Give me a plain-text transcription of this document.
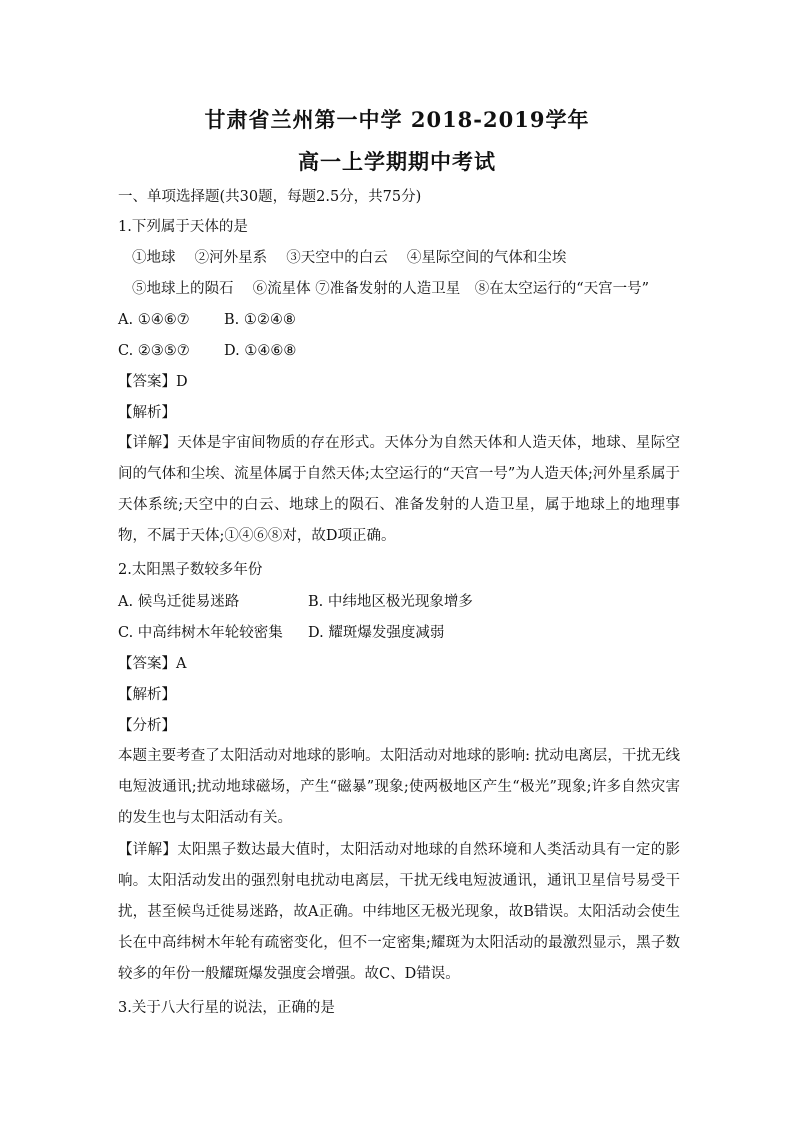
甘肃省兰州第一中学 2018-2019学年
高一上学期期中考试
一、单项选择题(共30题，每题2.5分，共75分)
1.下列属于天体的是
①地球　 ②河外星系　 ③天空中的白云　 ④星际空间的气体和尘埃
⑤地球上的陨石　 ⑥流星体 ⑦准备发射的人造卫星　⑧在太空运行的“天宫一号”
A. ①④⑥⑦ B. ①②④⑧
C. ②③⑤⑦ D. ①④⑥⑧
【答案】D
【解析】
【详解】天体是宇宙间物质的存在形式。天体分为自然天体和人造天体，地球、星际空间的气体和尘埃、流星体属于自然天体;太空运行的“天宫一号”为人造天体;河外星系属于天体系统;天空中的白云、地球上的陨石、准备发射的人造卫星，属于地球上的地理事物，不属于天体;①④⑥⑧对，故D项正确。
2.太阳黑子数较多年份
A. 候鸟迁徙易迷路	B. 中纬地区极光现象增多
C. 中高纬树木年轮较密集 D. 耀斑爆发强度减弱
【答案】A
【解析】
【分析】
本题主要考查了太阳活动对地球的影响。太阳活动对地球的影响: 扰动电离层，干扰无线电短波通讯;扰动地球磁场，产生“磁暴”现象;使两极地区产生“极光”现象;许多自然灾害的发生也与太阳活动有关。
【详解】太阳黑子数达最大值时，太阳活动对地球的自然环境和人类活动具有一定的影响。太阳活动发出的强烈射电扰动电离层，干扰无线电短波通讯，通讯卫星信号易受干扰，甚至候鸟迁徙易迷路，故A正确。中纬地区无极光现象，故B错误。太阳活动会使生长在中高纬树木年轮有疏密变化，但不一定密集;耀斑为太阳活动的最激烈显示，黑子数较多的年份一般耀斑爆发强度会增强。故C、D错误。
3.关于八大行星的说法，正确的是
